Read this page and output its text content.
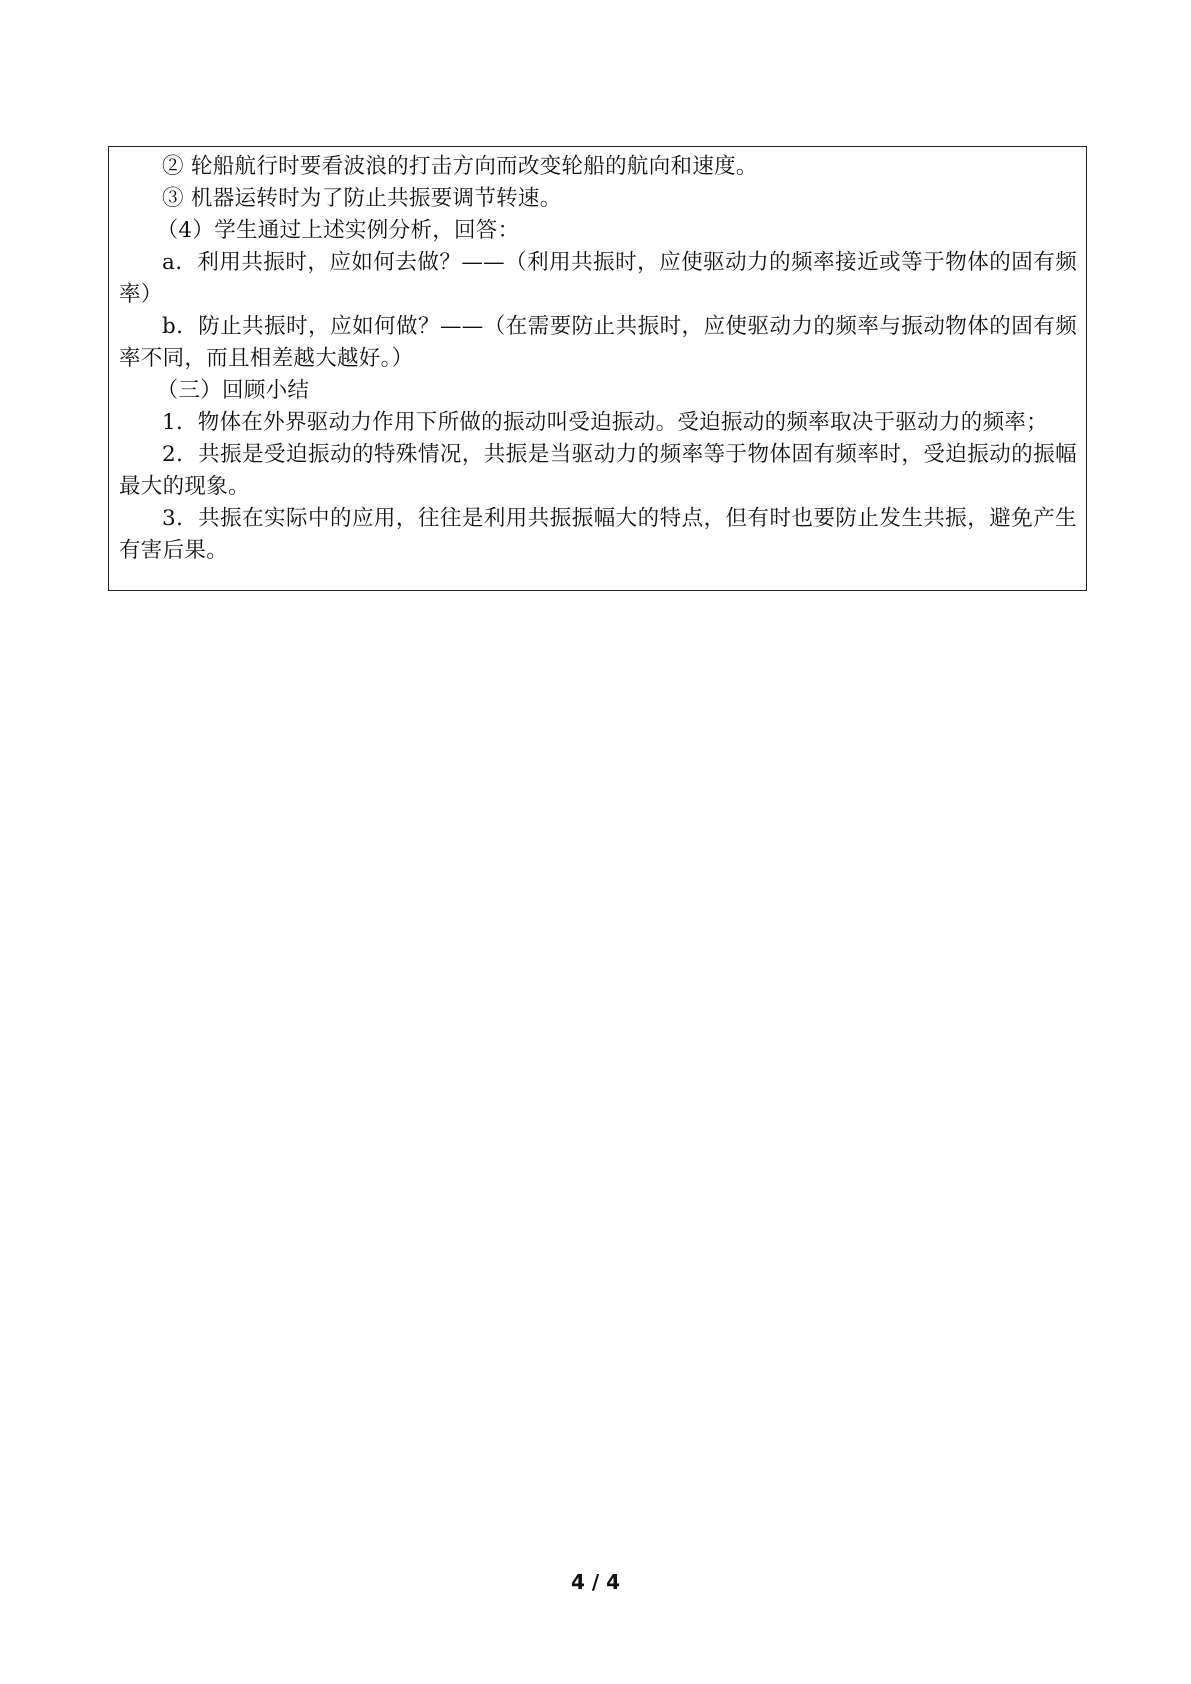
② 轮船航行时要看波浪的打击方向而改变轮船的航向和速度。

③ 机器运转时为了防止共振要调节转速。

（4）学生通过上述实例分析，回答：

a．利用共振时，应如何去做？——（利用共振时，应使驱动力的频率接近或等于物体的固有频率）

b．防止共振时，应如何做？——（在需要防止共振时，应使驱动力的频率与振动物体的固有频率不同，而且相差越大越好。）

（三）回顾小结

1．物体在外界驱动力作用下所做的振动叫受迫振动。受迫振动的频率取决于驱动力的频率；

2．共振是受迫振动的特殊情况，共振是当驱动力的频率等于物体固有频率时，受迫振动的振幅最大的现象。

3．共振在实际中的应用，往往是利用共振振幅大的特点，但有时也要防止发生共振，避免产生有害后果。

4 / 4
